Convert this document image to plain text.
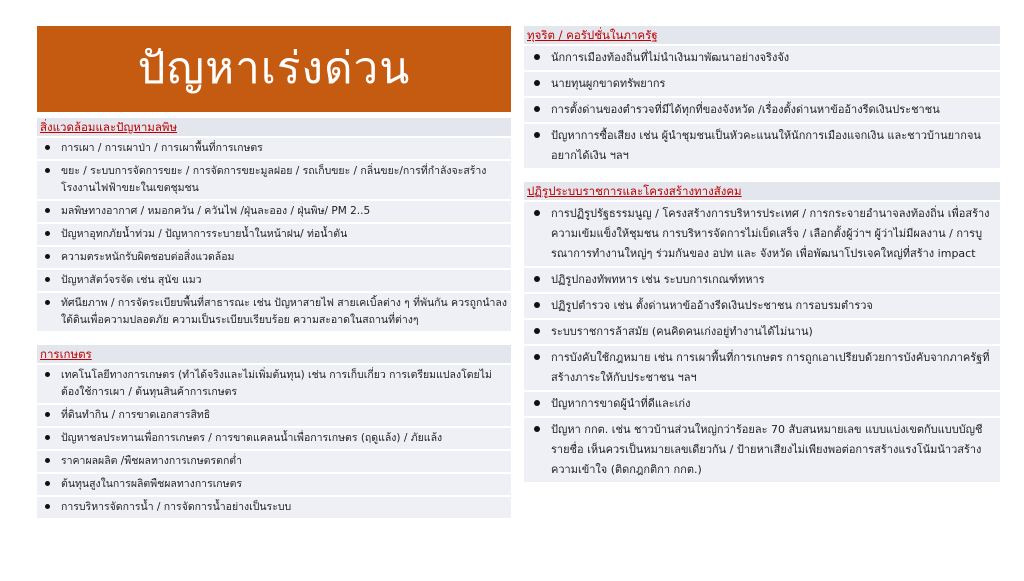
ปัญหาเร่งด่วน
สิ่งแวดล้อมและปัญหามลพิษ
การเผา / การเผาป่า / การเผาพื้นที่การเกษตร
ขยะ / ระบบการจัดการขยะ / การจัดการขยะมูลฝอย / รถเก็บขยะ / กลิ่นขยะ/การที่กำลังจะสร้างโรงงานไฟฟ้าขยะในเขตชุมชน
มลพิษทางอากาศ / หมอกควัน / ควันไฟ /ฝุ่นละออง / ฝุ่นพิษ/ PM 2..5
ปัญหาอุทกภัยน้ำท่วม / ปัญหาการระบายน้ำในหน้าฝน/ ท่อน้ำตัน
ความตระหนักรับผิดชอบต่อสิ่งแวดล้อม
ปัญหาสัตว์จรจัด เช่น สุนัข แมว
ทัศนียภาพ / การจัดระเบียบพื้นที่สาธารณะ เช่น ปัญหาสายไฟ สายเคเบิ้ลต่าง ๆ ที่พันกัน ควรถูกนำลงใต้ดินเพื่อความปลอดภัย ความเป็นระเบียบเรียบร้อย ความสะอาดในสถานที่ต่างๆ
การเกษตร
เทคโนโลยีทางการเกษตร (ทำได้จริงและไม่เพิ่มต้นทุน) เช่น การเก็บเกี่ยว การเตรียมแปลงโดยไม่ต้องใช้การเผา / ต้นทุนสินค้าการเกษตร
ที่ดินทำกิน / การขาดเอกสารสิทธิ
ปัญหาชลประทานเพื่อการเกษตร / การขาดแคลนน้ำเพื่อการเกษตร (ฤดูแล้ง) / ภัยแล้ง
ราคาผลผลิต /พืชผลทางการเกษตรตกต่ำ
ต้นทุนสูงในการผลิตพืชผลทางการเกษตร
การบริหารจัดการน้ำ / การจัดการน้ำอย่างเป็นระบบ
ทุจริต / คอรัปชั่นในภาครัฐ
นักการเมืองท้องถิ่นที่ไม่นำเงินมาพัฒนาอย่างจริงจัง
นายทุนผูกขาดทรัพยากร
การตั้งด่านของตำรวจที่มีได้ทุกที่ของจังหวัด /เรื่องตั้งด่านหาข้ออ้างรีดเงินประชาชน
ปัญหาการซื้อเสียง เช่น ผู้นำชุมชนเป็นหัวคะแนนให้นักการเมืองแจกเงิน และชาวบ้านยากจนอยากได้เงิน ฯลฯ
ปฏิรูประบบราชการและโครงสร้างทางสังคม
การปฏิรูปรัฐธรรมนูญ / โครงสร้างการบริหารประเทศ / การกระจายอำนาจลงท้องถิ่น เพื่อสร้างความเข้มแข็งให้ชุมชน การบริหารจัดการไม่เบ็ดเสร็จ / เลือกตั้งผู้ว่าฯ ผู้ว่าไม่มีผลงาน / การบูรณาการทำงานใหญ่ๆ ร่วมกันของ อปท และ จังหวัด เพื่อพัฒนาโปรเจคใหญ่ที่สร้าง impact
ปฏิรูปกองทัพทหาร เช่น ระบบการเกณฑ์ทหาร
ปฏิรูปตำรวจ เช่น ตั้งด่านหาข้ออ้างรีดเงินประชาชน การอบรมตำรวจ
ระบบราชการล้าสมัย (คนคิดคนเก่งอยู่ทำงานได้ไม่นาน)
การบังคับใช้กฎหมาย เช่น การเผาพื้นที่การเกษตร การถูกเอาเปรียบด้วยการบังคับจากภาครัฐที่สร้างภาระให้กับประชาชน ฯลฯ
ปัญหาการขาดผู้นำที่ดีและเก่ง
ปัญหา กกต. เช่น ชาวบ้านส่วนใหญ่กว่าร้อยละ 70 สับสนหมายเลข แบบแบ่งเขตกับแบบบัญชีรายชื่อ เห็นควรเป็นหมายเลขเดียวกัน / ป้ายหาเสียงไม่เพียงพอต่อการสร้างแรงโน้มน้าวสร้างความเข้าใจ (ติดกฎกติกา กกต.)
